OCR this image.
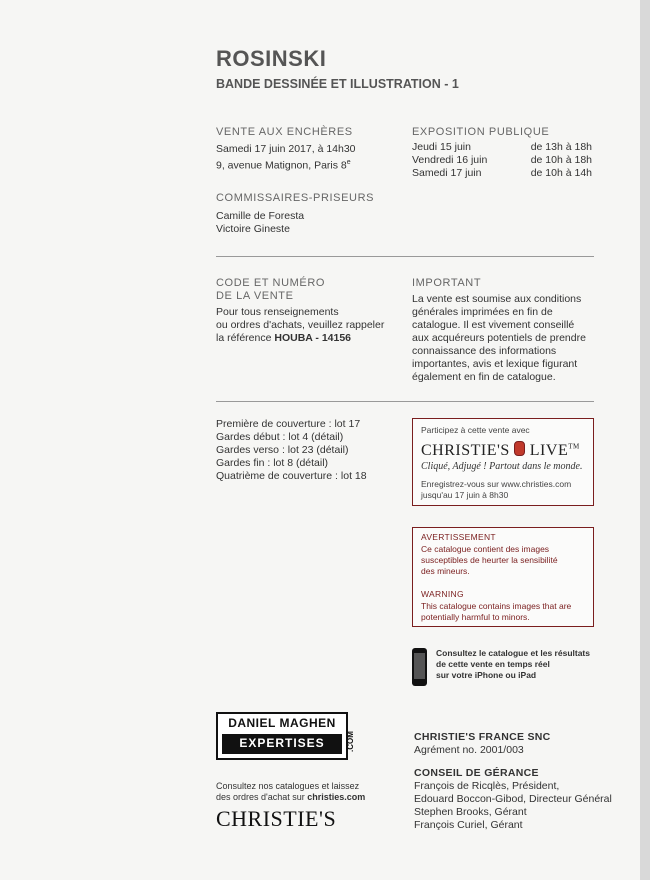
ROSINSKI
BANDE DESSINÉE ET ILLUSTRATION - 1
VENTE AUX ENCHÈRES
Samedi 17 juin 2017, à 14h30
9, avenue Matignon, Paris 8e
EXPOSITION PUBLIQUE
Jeudi 15 juin	de 13h à 18h
Vendredi 16 juin	de 10h à 18h
Samedi 17 juin	de 10h à 14h
COMMISSAIRES-PRISEURS
Camille de Foresta
Victoire Gineste
CODE ET NUMÉRO
DE LA VENTE
Pour tous renseignements
ou ordres d'achats, veuillez rappeler
la référence HOUBA - 14156
IMPORTANT
La vente est soumise aux conditions
générales imprimées en fin de
catalogue. Il est vivement conseillé
aux acquéreurs potentiels de prendre
connaissance des informations
importantes, avis et lexique figurant
également en fin de catalogue.
Première de couverture : lot 17
Gardes début : lot 4 (détail)
Gardes verso : lot 23 (détail)
Gardes fin : lot 8 (détail)
Quatrième de couverture : lot 18
Participez à cette vente avec
CHRISTIE'S LIVE™
Cliqué, Adjugé ! Partout dans le monde.
Enregistrez-vous sur www.christies.com
jusqu'au 17 juin à 8h30
AVERTISSEMENT
Ce catalogue contient des images
susceptibles de heurter la sensibilité
des mineurs.
WARNING
This catalogue contains images that are
potentially harmful to minors.
Consultez le catalogue et les résultats
de cette vente en temps réel
sur votre iPhone ou iPad
DANIEL MAGHEN
EXPERTISES	.COM
Consultez nos catalogues et laissez
des ordres d'achat sur christies.com
CHRISTIE'S
CHRISTIE'S FRANCE SNC
Agrément no. 2001/003
CONSEIL DE GÉRANCE
François de Ricqlès, Président,
Edouard Boccon-Gibod, Directeur Général
Stephen Brooks, Gérant
François Curiel, Gérant
